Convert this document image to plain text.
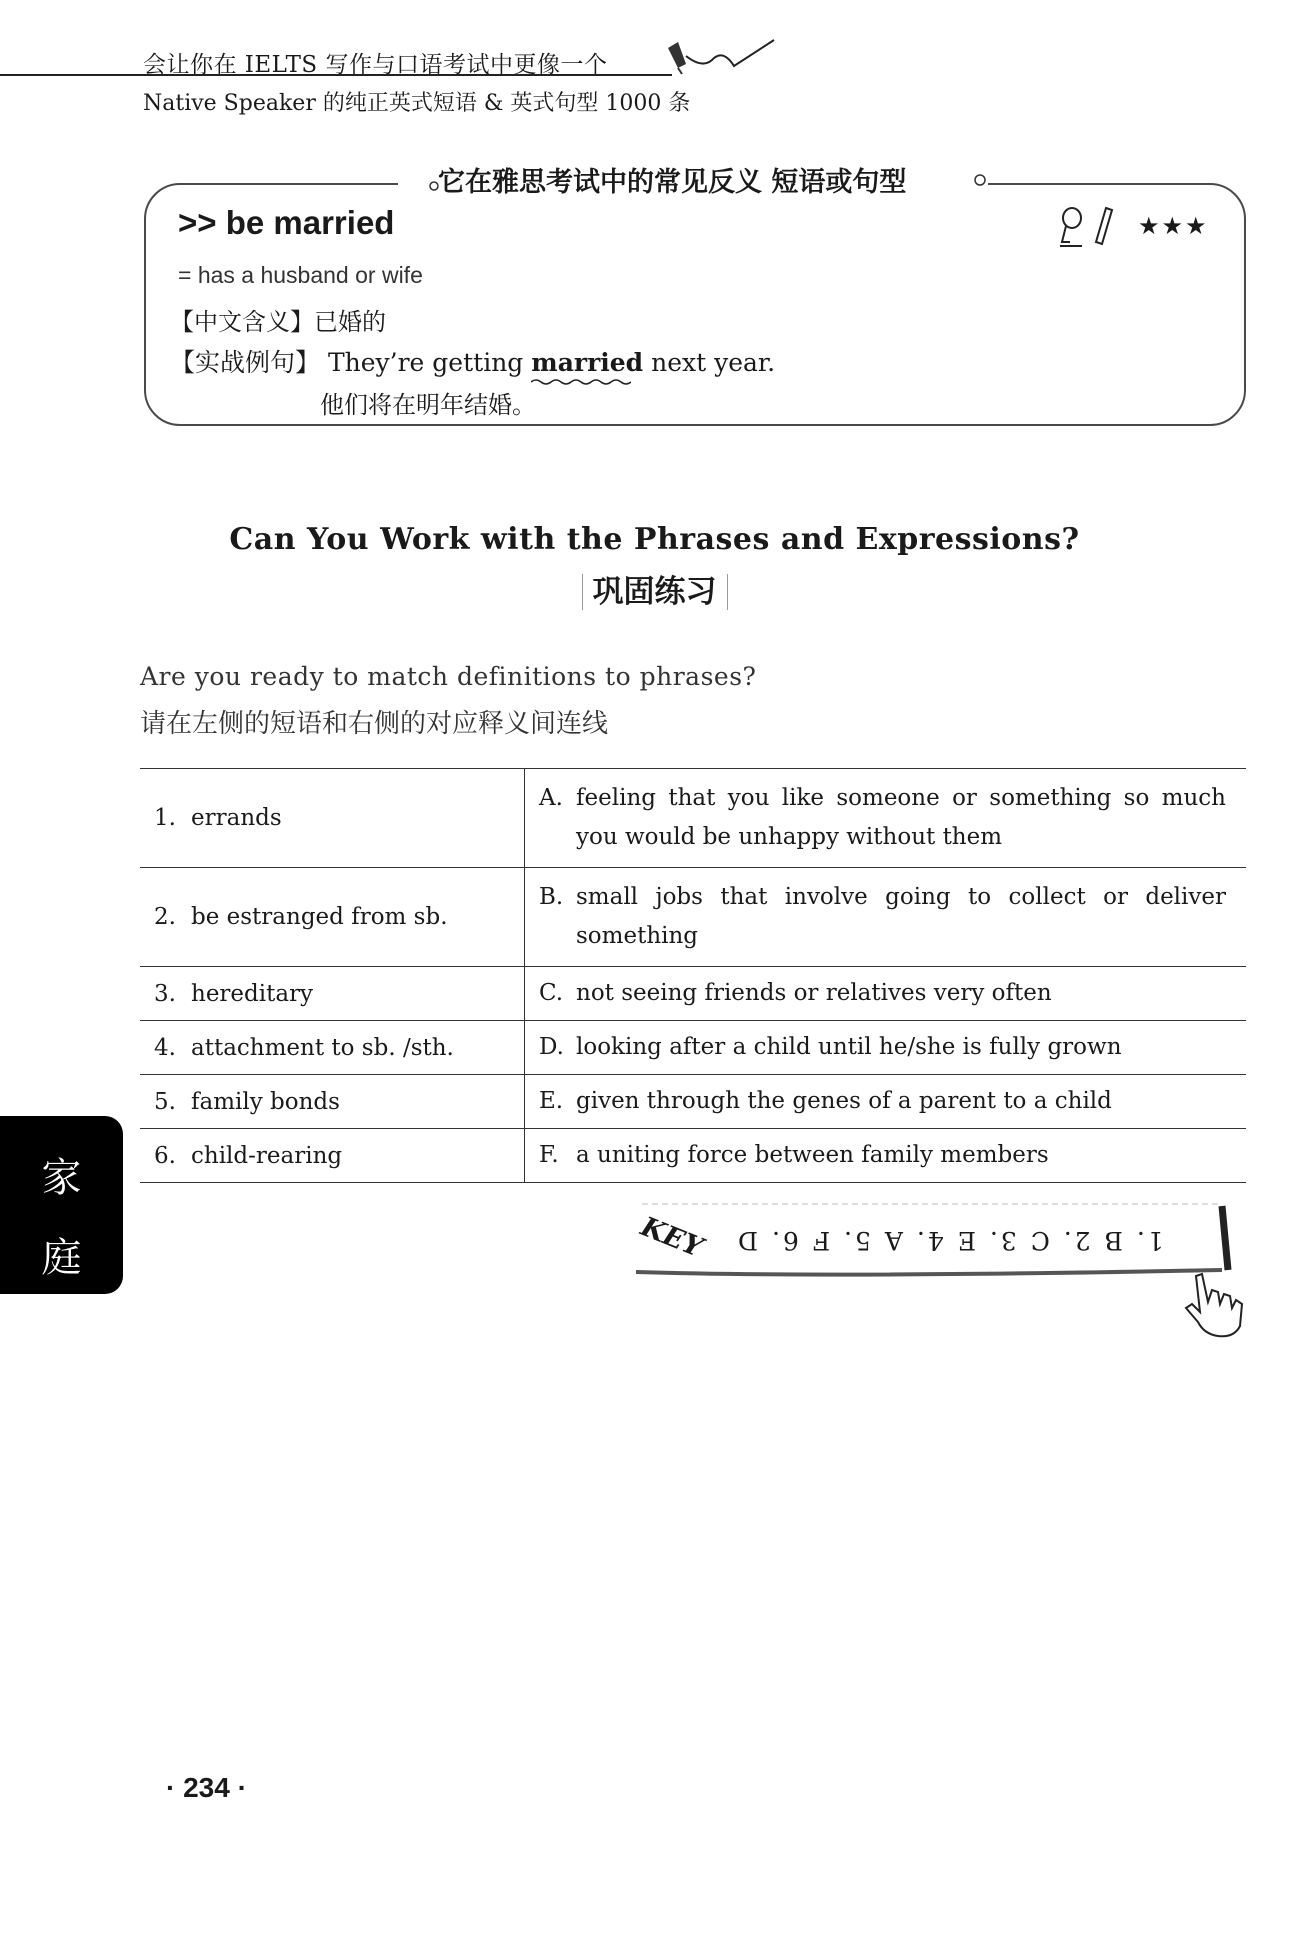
会让你在 IELTS 写作与口语考试中更像一个
Native Speaker 的纯正英式短语 & 英式句型 1000 条
它在雅思考试中的常见反义 短语或句型
>> be married	★★★
= has a husband or wife
【中文含义】已婚的
【实战例句】 They’re getting married next year.
他们将在明年结婚。
Can You Work with the Phrases and Expressions?
巩固练习
Are you ready to match definitions to phrases?
请在左侧的短语和右侧的对应释义间连线
1. errands	A. feeling that you like someone or something so much you would be unhappy without them
2. be estranged from sb.	B. small jobs that involve going to collect or deliver something
3. hereditary	C. not seeing friends or relatives very often
4. attachment to sb. /sth.	D. looking after a child until he/she is fully grown
5. family bonds	E. given through the genes of a parent to a child
6. child-rearing	F. a uniting force between family members
家
庭	KEY 1. B 2. C 3. E 4. A 5. F 6. D
· 234 ·
